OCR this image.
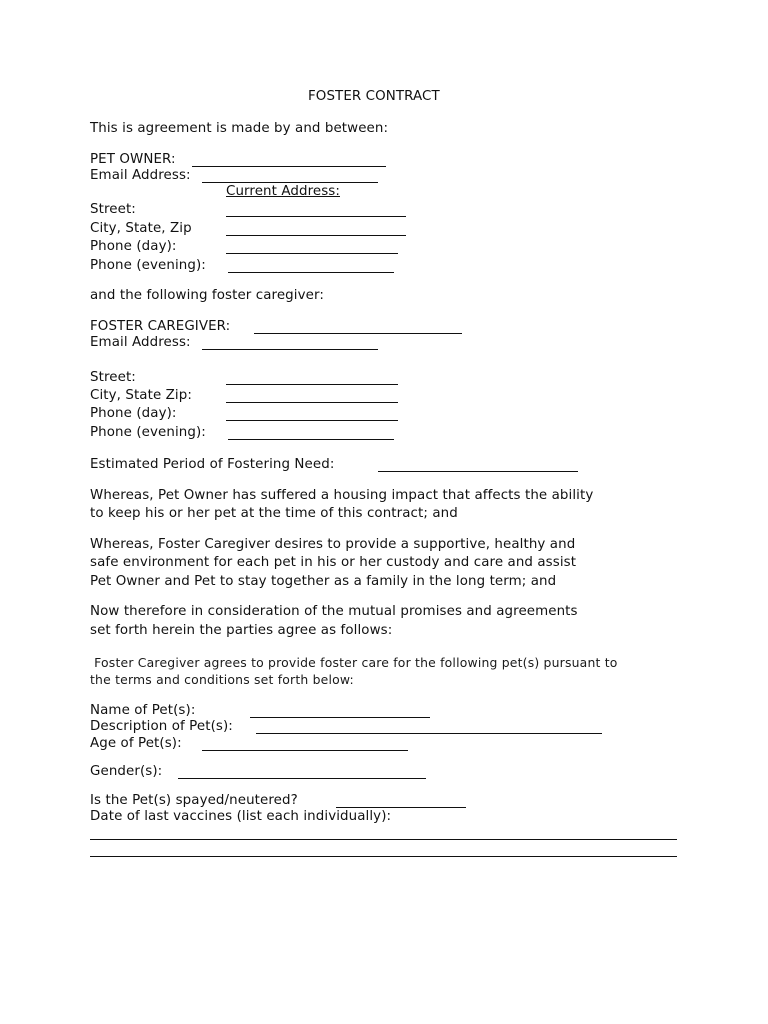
FOSTER CONTRACT
This is agreement is made by and between:
PET OWNER:
Email Address:
Current Address:
Street:
City, State, Zip
Phone (day):
Phone (evening):
and the following foster caregiver:
FOSTER CAREGIVER:
Email Address:
Street:
City, State Zip:
Phone (day):
Phone (evening):
Estimated Period of Fostering Need:
Whereas, Pet Owner has suffered a housing impact that affects the ability
to keep his or her pet at the time of this contract; and
Whereas, Foster Caregiver desires to provide a supportive, healthy and
safe environment for each pet in his or her custody and care and assist
Pet Owner and Pet to stay together as a family in the long term; and
Now therefore in consideration of the mutual promises and agreements
set forth herein the parties agree as follows:
Foster Caregiver agrees to provide foster care for the following pet(s) pursuant to
the terms and conditions set forth below:
Name of Pet(s):
Description of Pet(s):
Age of Pet(s):
Gender(s):
Is the Pet(s) spayed/neutered?
Date of last vaccines (list each individually):
